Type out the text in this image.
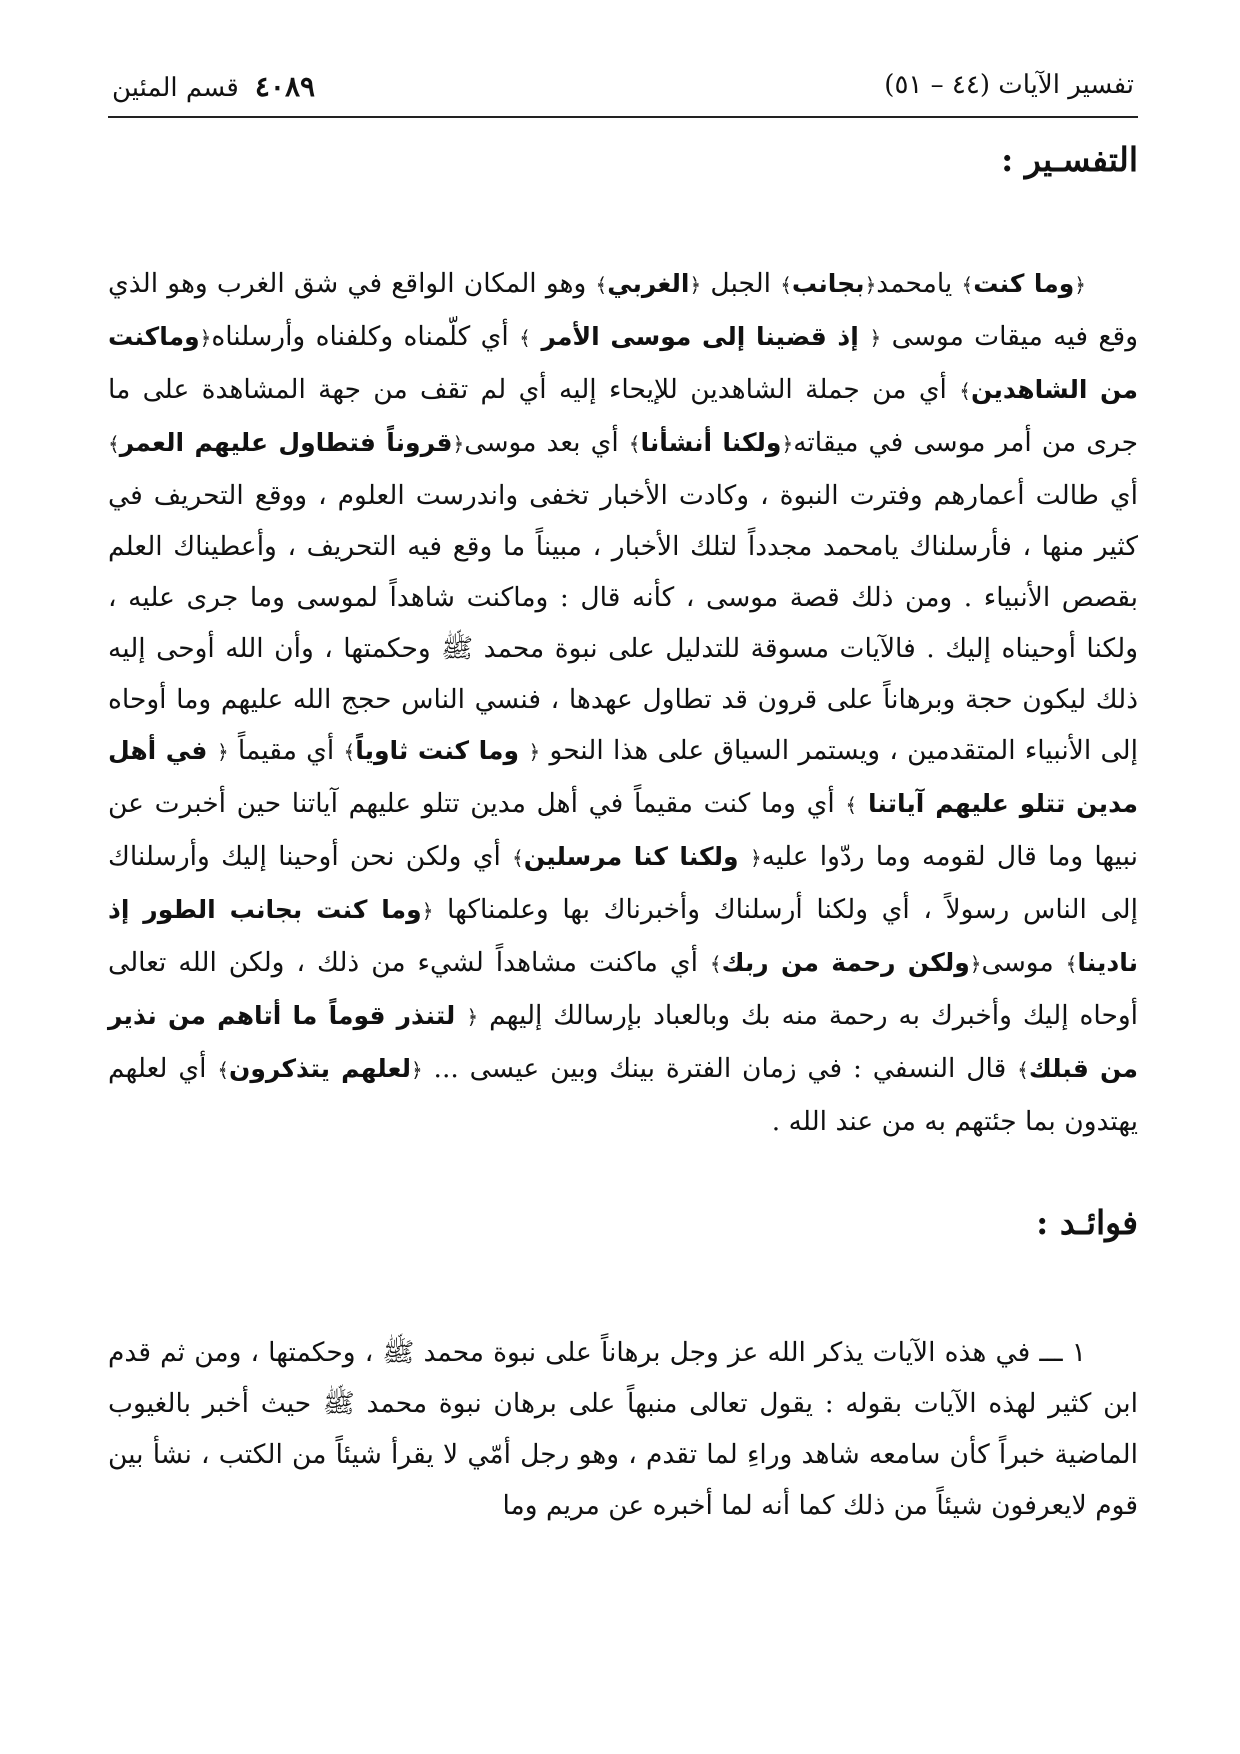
تفسير الآيات (٤٤ – ٥١)
قسم المئين ٤٠٨٩
التفسـير :

﴿وما كنت﴾ يامحمد﴿بجانب﴾ الجبل ﴿الغربي﴾ وهو المكان الواقع في شق الغرب وهو الذي وقع فيه ميقات موسى ﴿ إذ قضينا إلى موسى الأمر ﴾ أي كلّمناه وكلفناه وأرسلناه﴿وماكنت من الشاهدين﴾ أي من جملة الشاهدين للإيحاء إليه أي لم تقف من جهة المشاهدة على ما جرى من أمر موسى في ميقاته﴿ولكنا أنشأنا﴾ أي بعد موسى﴿قروناً فتطاول عليهم العمر﴾ أي طالت أعمارهم وفترت النبوة ، وكادت الأخبار تخفى واندرست العلوم ، ووقع التحريف في كثير منها ، فأرسلناك يامحمد مجدداً لتلك الأخبار ، مبيناً ما وقع فيه التحريف ، وأعطيناك العلم بقصص الأنبياء . ومن ذلك قصة موسى ، كأنه قال : وماكنت شاهداً لموسى وما جرى عليه ، ولكنا أوحيناه إليك . فالآيات مسوقة للتدليل على نبوة محمد ﷺ وحكمتها ، وأن الله أوحى إليه ذلك ليكون حجة وبرهاناً على قرون قد تطاول عهدها ، فنسي الناس حجج الله عليهم وما أوحاه إلى الأنبياء المتقدمين ، ويستمر السياق على هذا النحو ﴿ وما كنت ثاوياً﴾ أي مقيماً ﴿ في أهل مدين تتلو عليهم آياتنا ﴾ أي وما كنت مقيماً في أهل مدين تتلو عليهم آياتنا حين أخبرت عن نبيها وما قال لقومه وما ردّوا عليه﴿ ولكنا كنا مرسلين﴾ أي ولكن نحن أوحينا إليك وأرسلناك إلى الناس رسولاً ، أي ولكنا أرسلناك وأخبرناك بها وعلمناكها ﴿وما كنت بجانب الطور إذ نادينا﴾ موسى﴿ولكن رحمة من ربك﴾ أي ماكنت مشاهداً لشيء من ذلك ، ولكن الله تعالى أوحاه إليك وأخبرك به رحمة منه بك وبالعباد بإرسالك إليهم ﴿ لتنذر قوماً ما أتاهم من نذير من قبلك﴾ قال النسفي : في زمان الفترة بينك وبين عيسى ... ﴿لعلهم يتذكرون﴾ أي لعلهم يهتدون بما جئتهم به من عند الله .

فوائـد :

١ ـــ في هذه الآيات يذكر الله عز وجل برهاناً على نبوة محمد ﷺ ، وحكمتها ، ومن ثم قدم ابن كثير لهذه الآيات بقوله : يقول تعالى منبهاً على برهان نبوة محمد ﷺ حيث أخبر بالغيوب الماضية خبراً كأن سامعه شاهد وراءِ لما تقدم ، وهو رجل أمّي لا يقرأ شيئاً من الكتب ، نشأ بين قوم لايعرفون شيئاً من ذلك كما أنه لما أخبره عن مريم وما
